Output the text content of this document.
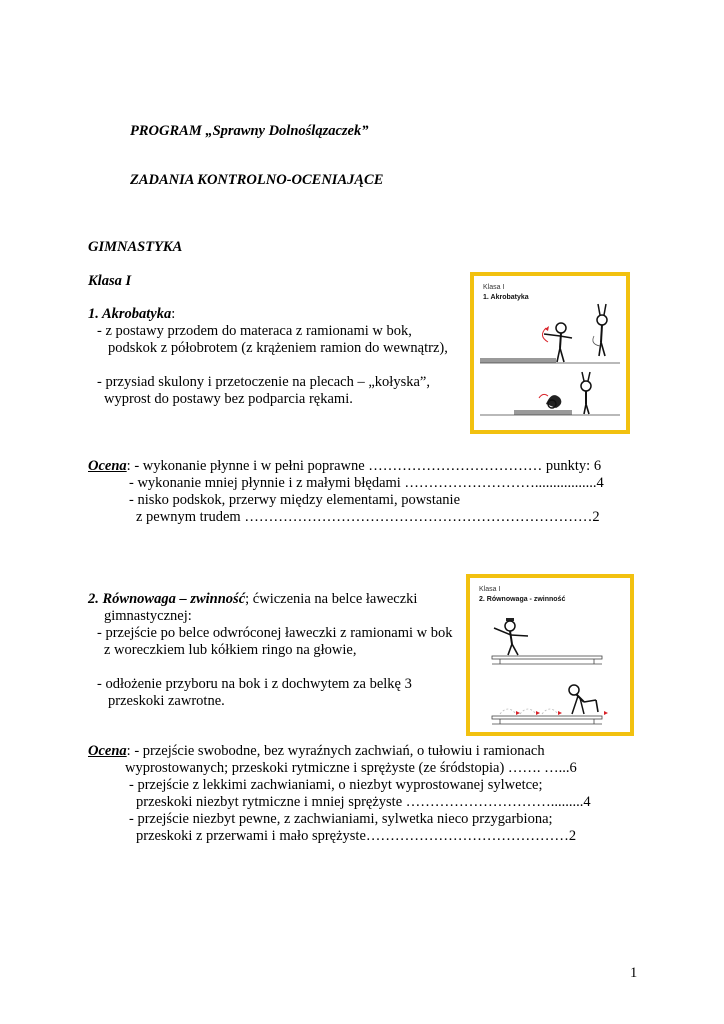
PROGRAM „Sprawny Dolnoślązaczek”
ZADANIA KONTROLNO-OCENIAJĄCE
GIMNASTYKA
Klasa I
1. Akrobatyka:
- z postawy przodem do materaca z ramionami w bok,
podskok z półobrotem (z krążeniem ramion do wewnątrz),
- przysiad skulony i przetoczenie na plecach – „kołyska”,
wyprost do postawy bez podparcia rękami.
Ocena: - wykonanie płynne i w pełni poprawne ……………………………… punkty: 6
- wykonanie mniej płynnie i z małymi błędami ……………………….................4
- nisko podskok, przerwy między elementami, powstanie
z pewnym trudem ………………………………………………………………2
Klasa I
1. Akrobatyka
2. Równowaga – zwinność; ćwiczenia na belce ławeczki
gimnastycznej:
- przejście po belce odwróconej ławeczki z ramionami w bok
z woreczkiem lub kółkiem ringo na głowie,
- odłożenie przyboru na bok i z dochwytem za belkę 3
przeskoki zawrotne.
Ocena: - przejście swobodne, bez wyraźnych zachwiań, o tułowiu i ramionach
wyprostowanych; przeskoki rytmiczne i sprężyste (ze śródstopia) ……. …...6
- przejście z lekkimi zachwianiami, o niezbyt wyprostowanej sylwetce;
przeskoki niezbyt rytmiczne i mniej sprężyste ………………………….........4
- przejście niezbyt pewne, z zachwianiami, sylwetka nieco przygarbiona;
przeskoki z przerwami i mało sprężyste……………………………………2
Klasa I
2. Równowaga - zwinność
1
